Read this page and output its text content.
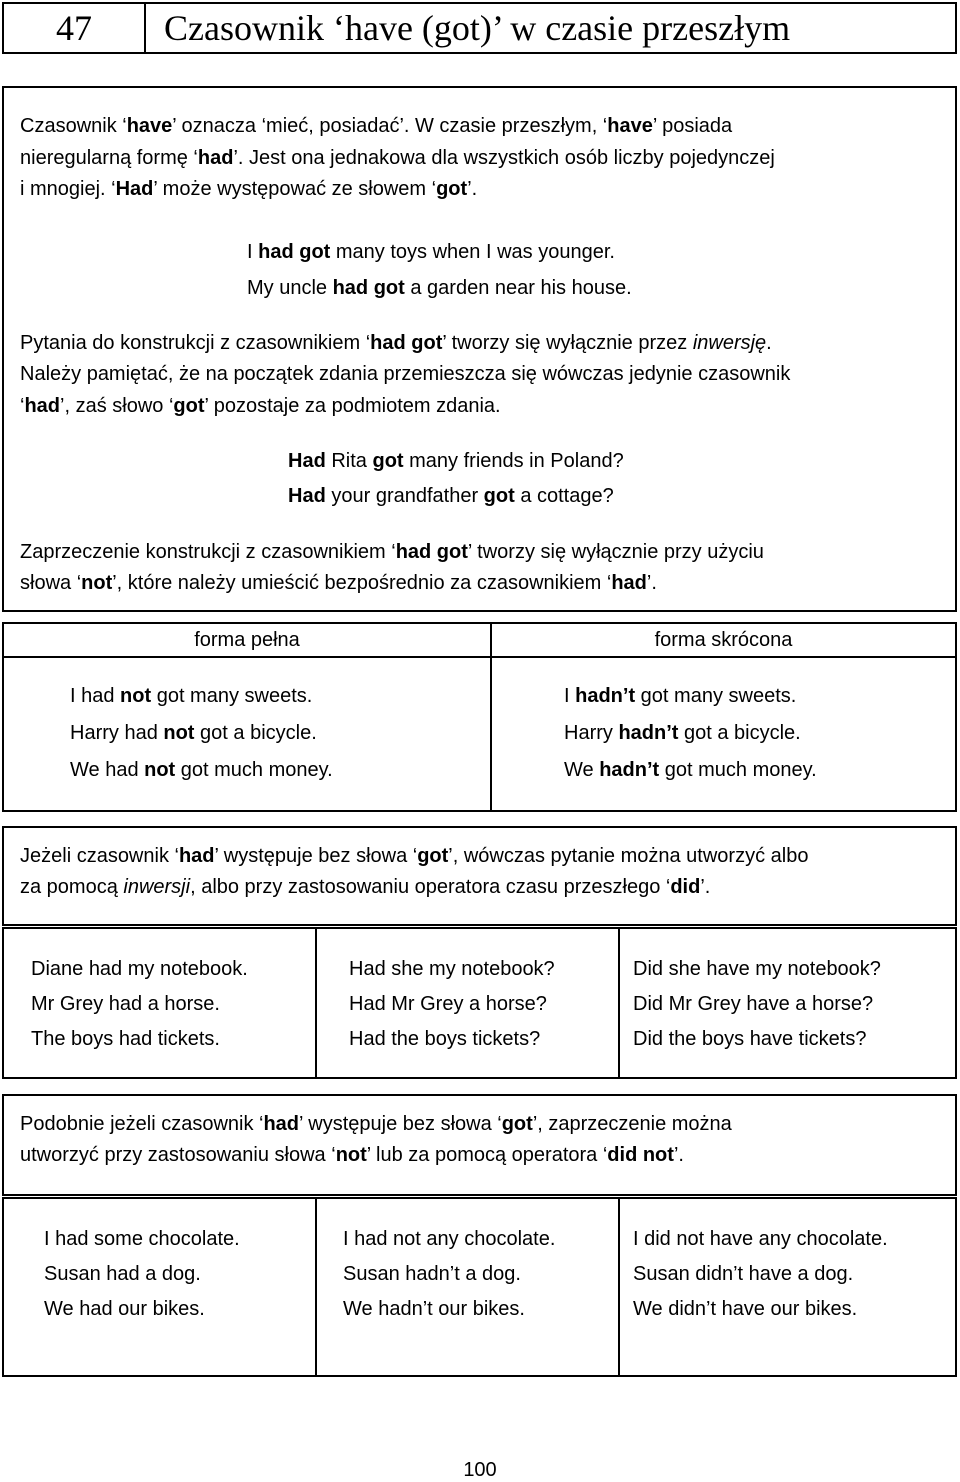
47	Czasownik ‘have (got)’ w czasie przeszłym
Czasownik ‘have’ oznacza ‘mieć, posiadać’. W czasie przeszłym, ‘have’ posiada
nieregularną formę ‘had’. Jest ona jednakowa dla wszystkich osób liczby pojedynczej
i mnogiej. ‘Had’ może występować ze słowem ‘got’.
I had got many toys when I was younger.
My uncle had got a garden near his house.
Pytania do konstrukcji z czasownikiem ‘had got’ tworzy się wyłącznie przez inwersję.
Należy pamiętać, że na początek zdania przemieszcza się wówczas jedynie czasownik
‘had’, zaś słowo ‘got’ pozostaje za podmiotem zdania.
Had Rita got many friends in Poland?
Had your grandfather got a cottage?
Zaprzeczenie konstrukcji z czasownikiem ‘had got’ tworzy się wyłącznie przy użyciu
słowa ‘not’, które należy umieścić bezpośrednio za czasownikiem ‘had’.
forma pełna	forma skrócona
I had not got many sweets.
Harry had not got a bicycle.
We had not got much money.
I hadn’t got many sweets.
Harry hadn’t got a bicycle.
We hadn’t got much money.
Jeżeli czasownik ‘had’ występuje bez słowa ‘got’, wówczas pytanie można utworzyć albo
za pomocą inwersji, albo przy zastosowaniu operatora czasu przeszłego ‘did’.
Diane had my notebook.
Mr Grey had a horse.
The boys had tickets.
Had she my notebook?
Had Mr Grey a horse?
Had the boys tickets?
Did she have my notebook?
Did Mr Grey have a horse?
Did the boys have tickets?
Podobnie jeżeli czasownik ‘had’ występuje bez słowa ‘got’, zaprzeczenie można
utworzyć przy zastosowaniu słowa ‘not’ lub za pomocą operatora ‘did not’.
I had some chocolate.
Susan had a dog.
We had our bikes.
I had not any chocolate.
Susan hadn’t a dog.
We hadn’t our bikes.
I did not have any chocolate.
Susan didn’t have a dog.
We didn’t have our bikes.
100
